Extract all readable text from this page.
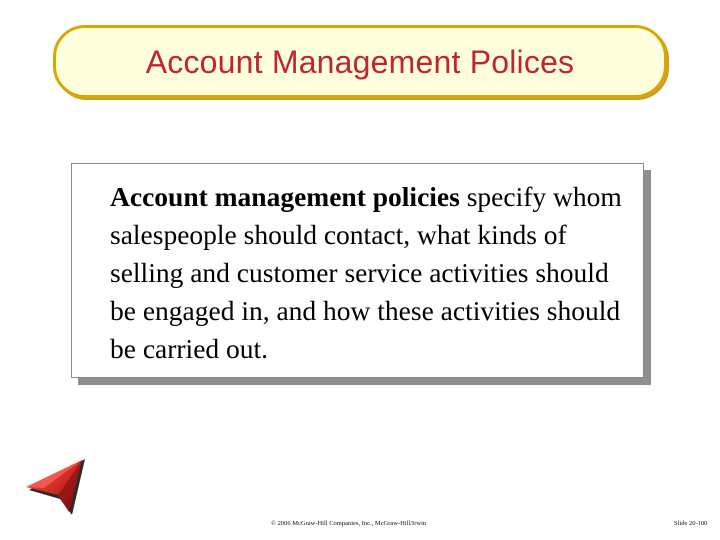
Account Management Polices

Account management policies specify whom salespeople should contact, what kinds of selling and customer service activities should be engaged in, and how these activities should be carried out.

© 2006 McGraw-Hill Companies, Inc., McGraw-Hill/Irwin	Slide 20-100
